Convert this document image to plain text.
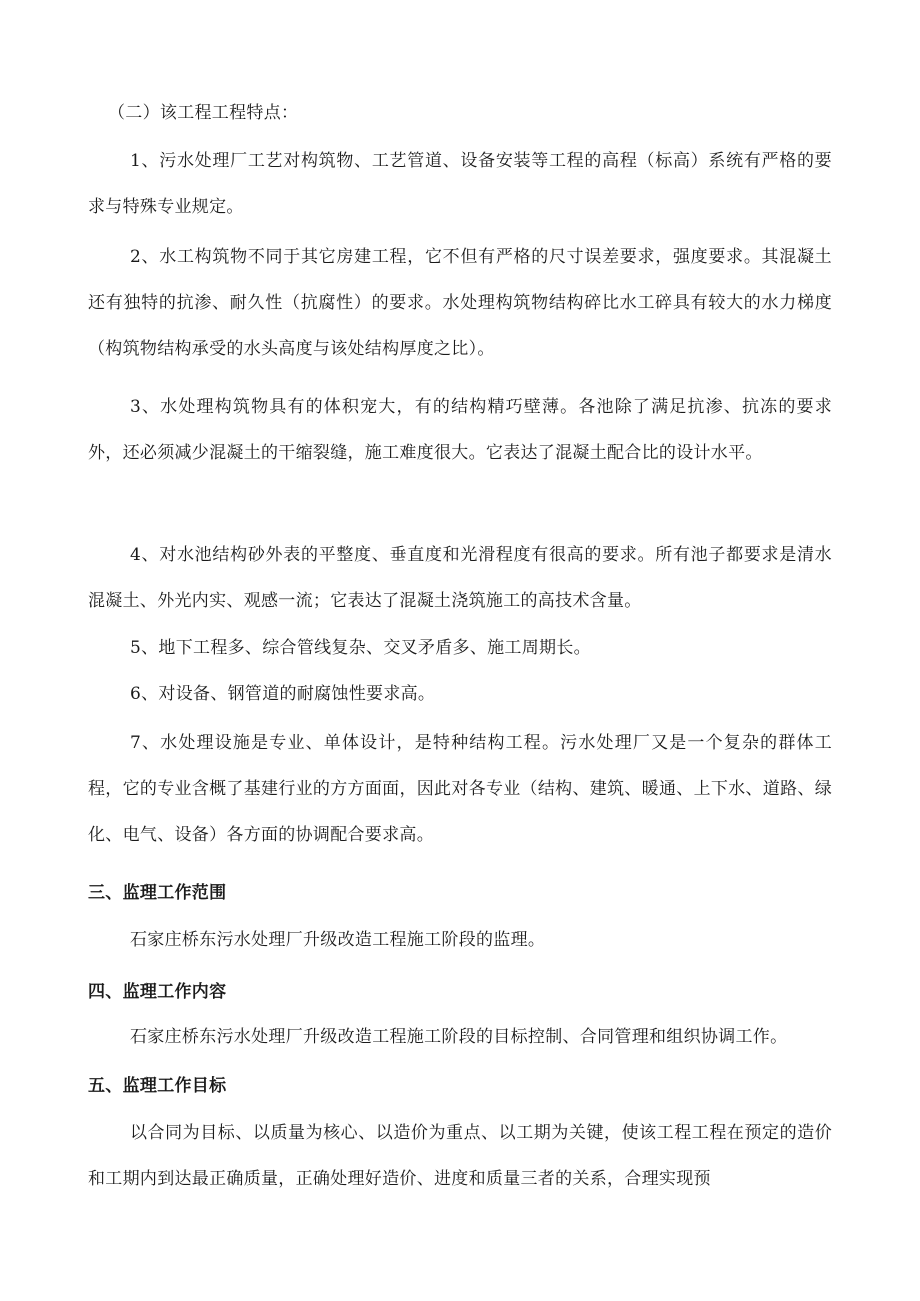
（二）该工程工程特点：

1、污水处理厂工艺对构筑物、工艺管道、设备安装等工程的高程（标高）系统有严格的要求与特殊专业规定。

2、水工构筑物不同于其它房建工程，它不但有严格的尺寸误差要求，强度要求。其混凝土还有独特的抗渗、耐久性（抗腐性）的要求。水处理构筑物结构碎比水工碎具有较大的水力梯度（构筑物结构承受的水头高度与该处结构厚度之比）。

3、水处理构筑物具有的体积宠大，有的结构精巧壁薄。各池除了满足抗渗、抗冻的要求外，还必须减少混凝土的干缩裂缝，施工难度很大。它表达了混凝土配合比的设计水平。

4、对水池结构砂外表的平整度、垂直度和光滑程度有很高的要求。所有池子都要求是清水混凝土、外光内实、观感一流；它表达了混凝土浇筑施工的高技术含量。

5、地下工程多、综合管线复杂、交叉矛盾多、施工周期长。

6、对设备、钢管道的耐腐蚀性要求高。

7、水处理设施是专业、单体设计，是特种结构工程。污水处理厂又是一个复杂的群体工程，它的专业含概了基建行业的方方面面，因此对各专业（结构、建筑、暖通、上下水、道路、绿化、电气、设备）各方面的协调配合要求高。

三、监理工作范围

石家庄桥东污水处理厂升级改造工程施工阶段的监理。

四、监理工作内容

石家庄桥东污水处理厂升级改造工程施工阶段的目标控制、合同管理和组织协调工作。

五、监理工作目标

以合同为目标、以质量为核心、以造价为重点、以工期为关键，使该工程工程在预定的造价和工期内到达最正确质量，正确处理好造价、进度和质量三者的关系，合理实现预
